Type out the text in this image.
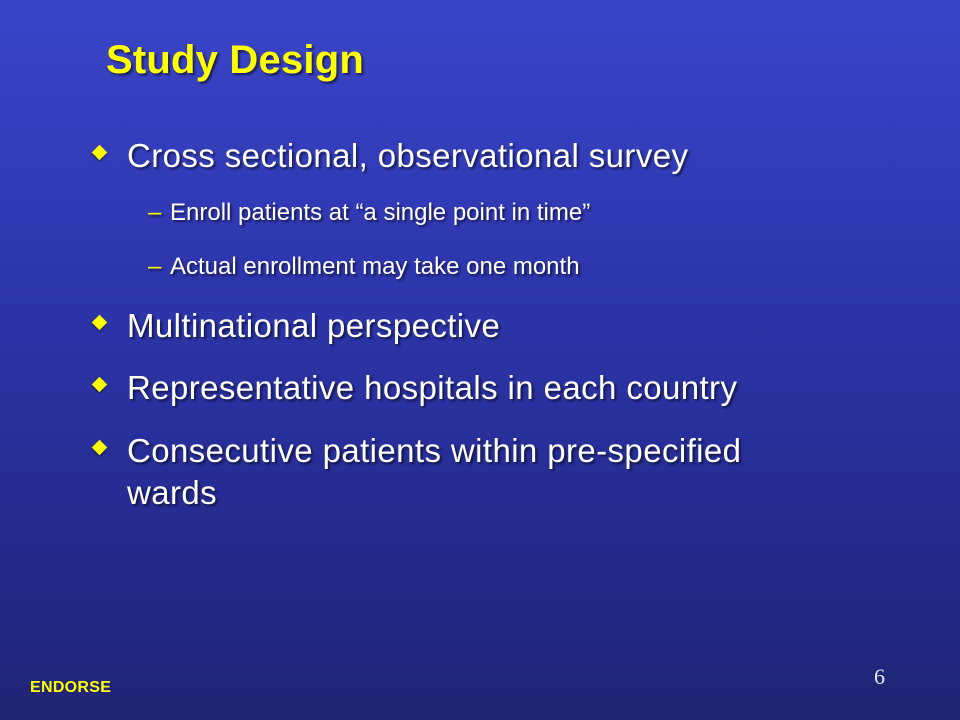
Study Design
Cross sectional, observational survey
– Enroll patients at “a single point in time”
– Actual enrollment may take one month
Multinational perspective
Representative hospitals in each country
Consecutive patients within pre-specified wards
ENDORSE	6
